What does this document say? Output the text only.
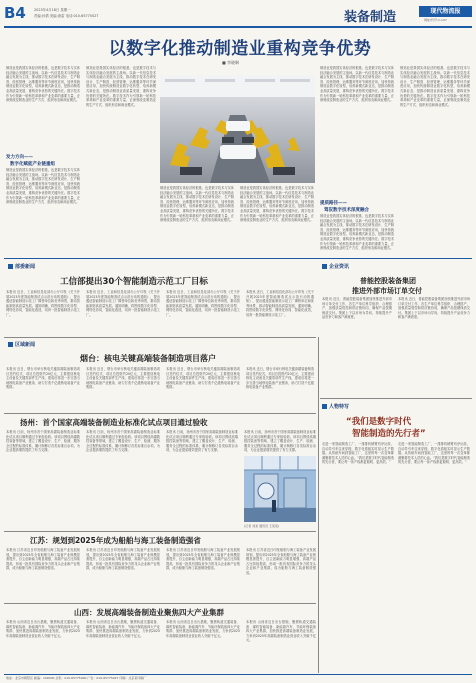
B4 2023年4月18日 星期一
责编:孙倩 美编:唐雷 电话:010-65775027	装备制造	现代物流报
网址/代号:1-147
以数字化推动制造业重构竞争优势
■ 李晓琳
制造业是我国实体经济的根基，也是数字技术与实体经济融合发展的主战场。以新一代信息技术与制造业融合发展为主线，推动数字技术在研发设计、生产制造、经营管理、运维服务等环节深度应用，加快传统制造业数字化转型，培育新模式新业态，是推动制造业高质量发展、重构竞争优势的关键所在。数字技术作为引领新一轮科技革命和产业变革的重要力量，正深刻改变制造业的生产方式、组织形态和商业模式。
发力方向——
数字化赋能产业链重组
制造业是我国实体经济的根基，也是数字技术与实体经济融合发展的主战场。以新一代信息技术与制造业融合发展为主线，推动数字技术在研发设计、生产制造、经营管理、运维服务等环节深度应用，加快传统制造业数字化转型，培育新模式新业态，是推动制造业高质量发展、重构竞争优势的关键所在。数字技术作为引领新一轮科技革命和产业变革的重要力量，正深刻改变制造业的生产方式、组织形态和商业模式。
制造业是我国实体经济的根基，也是数字技术与实体经济融合发展的主战场。以新一代信息技术与制造业融合发展为主线，推动数字技术在研发设计、生产制造、经营管理、运维服务等环节深度应用，加快传统制造业数字化转型，培育新模式新业态，是推动制造业高质量发展、重构竞争优势的关键所在。数字技术作为引领新一轮科技革命和产业变革的重要力量，正深刻改变制造业的生产方式、组织形态和商业模式。
制造业是我国实体经济的根基，也是数字技术与实体经济融合发展的主战场。以新一代信息技术与制造业融合发展为主线，推动数字技术在研发设计、生产制造、经营管理、运维服务等环节深度应用，加快传统制造业数字化转型，培育新模式新业态，是推动制造业高质量发展、重构竞争优势的关键所在。数字技术作为引领新一轮科技革命和产业变革的重要力量，正深刻改变制造业的生产方式、组织形态和商业模式。
制造业是我国实体经济的根基，也是数字技术与实体经济融合发展的主战场。以新一代信息技术与制造业融合发展为主线，推动数字技术在研发设计、生产制造、经营管理、运维服务等环节深度应用，加快传统制造业数字化转型，培育新模式新业态，是推动制造业高质量发展、重构竞争优势的关键所在。数字技术作为引领新一轮科技革命和产业变革的重要力量，正深刻改变制造业的生产方式、组织形态和商业模式。
制造业是我国实体经济的根基，也是数字技术与实体经济融合发展的主战场。以新一代信息技术与制造业融合发展为主线，推动数字技术在研发设计、生产制造、经营管理、运维服务等环节深度应用，加快传统制造业数字化转型，培育新模式新业态，是推动制造业高质量发展、重构竞争优势的关键所在。数字技术作为引领新一轮科技革命和产业变革的重要力量，正深刻改变制造业的生产方式、组织形态和商业模式。
提质路径——
驾驭数字技术深度融合
制造业是我国实体经济的根基，也是数字技术与实体经济融合发展的主战场。以新一代信息技术与制造业融合发展为主线，推动数字技术在研发设计、生产制造、经营管理、运维服务等环节深度应用，加快传统制造业数字化转型，培育新模式新业态，是推动制造业高质量发展、重构竞争优势的关键所在。数字技术作为引领新一轮科技革命和产业变革的重要力量，正深刻改变制造业的生产方式、组织形态和商业模式。
制造业是我国实体经济的根基，也是数字技术与实体经济融合发展的主战场。以新一代信息技术与制造业融合发展为主线，推动数字技术在研发设计、生产制造、经营管理、运维服务等环节深度应用，加快传统制造业数字化转型，培育新模式新业态，是推动制造业高质量发展、重构竞争优势的关键所在。数字技术作为引领新一轮科技革命和产业变革的重要力量，正深刻改变制造业的生产方式、组织形态和商业模式。
部委新闻
工信部提出30个智能制造示范工厂目标
本报讯 近日，工业和信息化部办公厅印发《关于开展2023年度智能制造试点示范行动的通知》，提出遴选智能制造示范工厂揭榜单位和优秀场景，推动智能制造高质量发展。通知明确，将围绕数字化转型、网络化协同、智能化改造，培育一批智能制造示范工厂。
本报讯 近日，工业和信息化部办公厅印发《关于开展2023年度智能制造试点示范行动的通知》，提出遴选智能制造示范工厂揭榜单位和优秀场景，推动智能制造高质量发展。通知明确，将围绕数字化转型、网络化协同、智能化改造，培育一批智能制造示范工厂。
本报讯 近日，工业和信息化部办公厅印发《关于开展2023年度智能制造试点示范行动的通知》，提出遴选智能制造示范工厂揭榜单位和优秀场景，推动智能制造高质量发展。通知明确，将围绕数字化转型、网络化协同、智能化改造，培育一批智能制造示范工厂。
本报讯 近日，工业和信息化部办公厅印发《关于开展2023年度智能制造试点示范行动的通知》，提出遴选智能制造示范工厂揭榜单位和优秀场景，推动智能制造高质量发展。通知明确，将围绕数字化转型、网络化协同、智能化改造，培育一批智能制造示范工厂。
企业资讯
普能控股装备集团
推进外部市场订单交付
本报讯 近日，普能控股装备集团加快推进外部市场订单交付工作，各生产单位科学组织、合理排产，加强质量管控和供应链协同，确保产品按期保质交付。集团上下以市场为导向，持续提升产品竞争力和客户满意度。
本报讯 近日，普能控股装备集团加快推进外部市场订单交付工作，各生产单位科学组织、合理排产，加强质量管控和供应链协同，确保产品按期保质交付。集团上下以市场为导向，持续提升产品竞争力和客户满意度。
区域新闻
烟台：核电关键高端装备制造项目落户
本报讯 近日，烟台市举行核电关键高端装备制造项目签约仪式，项目总投资约20亿元，主要建设核电主设备及关键零部件生产线，建成后将进一步完善当地核电装备产业链条，助力打造千亿级核电装备产业集群。
本报讯 近日，烟台市举行核电关键高端装备制造项目签约仪式，项目总投资约20亿元，主要建设核电主设备及关键零部件生产线，建成后将进一步完善当地核电装备产业链条，助力打造千亿级核电装备产业集群。
本报讯 近日，烟台市举行核电关键高端装备制造项目签约仪式，项目总投资约20亿元，主要建设核电主设备及关键零部件生产线，建成后将进一步完善当地核电装备产业链条，助力打造千亿级核电装备产业集群。
本报讯 近日，烟台市举行核电关键高端装备制造项目签约仪式，项目总投资约20亿元，主要建设核电主设备及关键零部件生产线，建成后将进一步完善当地核电装备产业链条，助力打造千亿级核电装备产业集群。
扬州：首个国家高端装备制造业标准化试点项目通过验收
本报讯 日前，扬州市首个国家高端装备制造业标准化试点项目顺利通过专家组验收。该项目围绕高端数控装备等领域，建立了覆盖设计、生产、检测、服务全过程的标准体系，累计制修订各类标准百余项，为企业提质增效提供了有力支撑。
本报讯 日前，扬州市首个国家高端装备制造业标准化试点项目顺利通过专家组验收。该项目围绕高端数控装备等领域，建立了覆盖设计、生产、检测、服务全过程的标准体系，累计制修订各类标准百余项，为企业提质增效提供了有力支撑。
本报讯 日前，扬州市首个国家高端装备制造业标准化试点项目顺利通过专家组验收。该项目围绕高端数控装备等领域，建立了覆盖设计、生产、检测、服务全过程的标准体系，累计制修订各类标准百余项，为企业提质增效提供了有力支撑。
本报讯 日前，扬州市首个国家高端装备制造业标准化试点项目顺利通过专家组验收。该项目围绕高端数控装备等领域，建立了覆盖设计、生产、检测、服务全过程的标准体系，累计制修订各类标准百余项，为企业提质增效提供了有力支撑。
(记者 刘某 通讯员 王某某)
江苏：规划到2025年成为船舶与海工装备制造强省
本报讯 江苏省近日印发船舶与海工装备产业发展规划，提出到2025年全省船舶与海工装备产业规模显著提升，自主创新能力明显增强，高端产品占比持续提高，形成一批具有国际竞争力的龙头企业和产业集群，成为船舶与海工装备制造强省。
本报讯 江苏省近日印发船舶与海工装备产业发展规划，提出到2025年全省船舶与海工装备产业规模显著提升，自主创新能力明显增强，高端产品占比持续提高，形成一批具有国际竞争力的龙头企业和产业集群，成为船舶与海工装备制造强省。
本报讯 江苏省近日印发船舶与海工装备产业发展规划，提出到2025年全省船舶与海工装备产业规模显著提升，自主创新能力明显增强，高端产品占比持续提高，形成一批具有国际竞争力的龙头企业和产业集群，成为船舶与海工装备制造强省。
本报讯 江苏省近日印发船舶与海工装备产业发展规划，提出到2025年全省船舶与海工装备产业规模显著提升，自主创新能力明显增强，高端产品占比持续提高，形成一批具有国际竞争力的龙头企业和产业集群，成为船舶与海工装备制造强省。
山西：发展高端装备制造业聚焦四大产业集群
本报讯 山西省近日出台措施，聚焦轨道交通装备、煤机智能装备、新能源汽车、节能环保装备四大产业集群，加快推进高端装备制造业发展，力争到2025年高端装备制造业营业收入突破千亿元。
本报讯 山西省近日出台措施，聚焦轨道交通装备、煤机智能装备、新能源汽车、节能环保装备四大产业集群，加快推进高端装备制造业发展，力争到2025年高端装备制造业营业收入突破千亿元。
本报讯 山西省近日出台措施，聚焦轨道交通装备、煤机智能装备、新能源汽车、节能环保装备四大产业集群，加快推进高端装备制造业发展，力争到2025年高端装备制造业营业收入突破千亿元。
本报讯 山西省近日出台措施，聚焦轨道交通装备、煤机智能装备、新能源汽车、节能环保装备四大产业集群，加快推进高端装备制造业发展，力争到2025年高端装备制造业营业收入突破千亿元。
人物特写
“我们是数字时代
智能制造的先行者”
走进一家智能制造工厂，一排排机械臂有序运转，自动导引车往来穿梭，数字化看板实时显示生产数据。从传统车间到智能工厂，这里的每一次变革都凝聚着技术人员的心血。“我们是数字时代智能制造的先行者，要让每一条产线都更聪明、更高效。”
走进一家智能制造工厂，一排排机械臂有序运转，自动导引车往来穿梭，数字化看板实时显示生产数据。从传统车间到智能工厂，这里的每一次变革都凝聚着技术人员的心血。“我们是数字时代智能制造的先行者，要让每一条产线都更聪明、更高效。”
地址：北京市朝阳区 邮编：100000 总机：010-65775000 广告：010-65775027 印刷：北京某印刷厂
